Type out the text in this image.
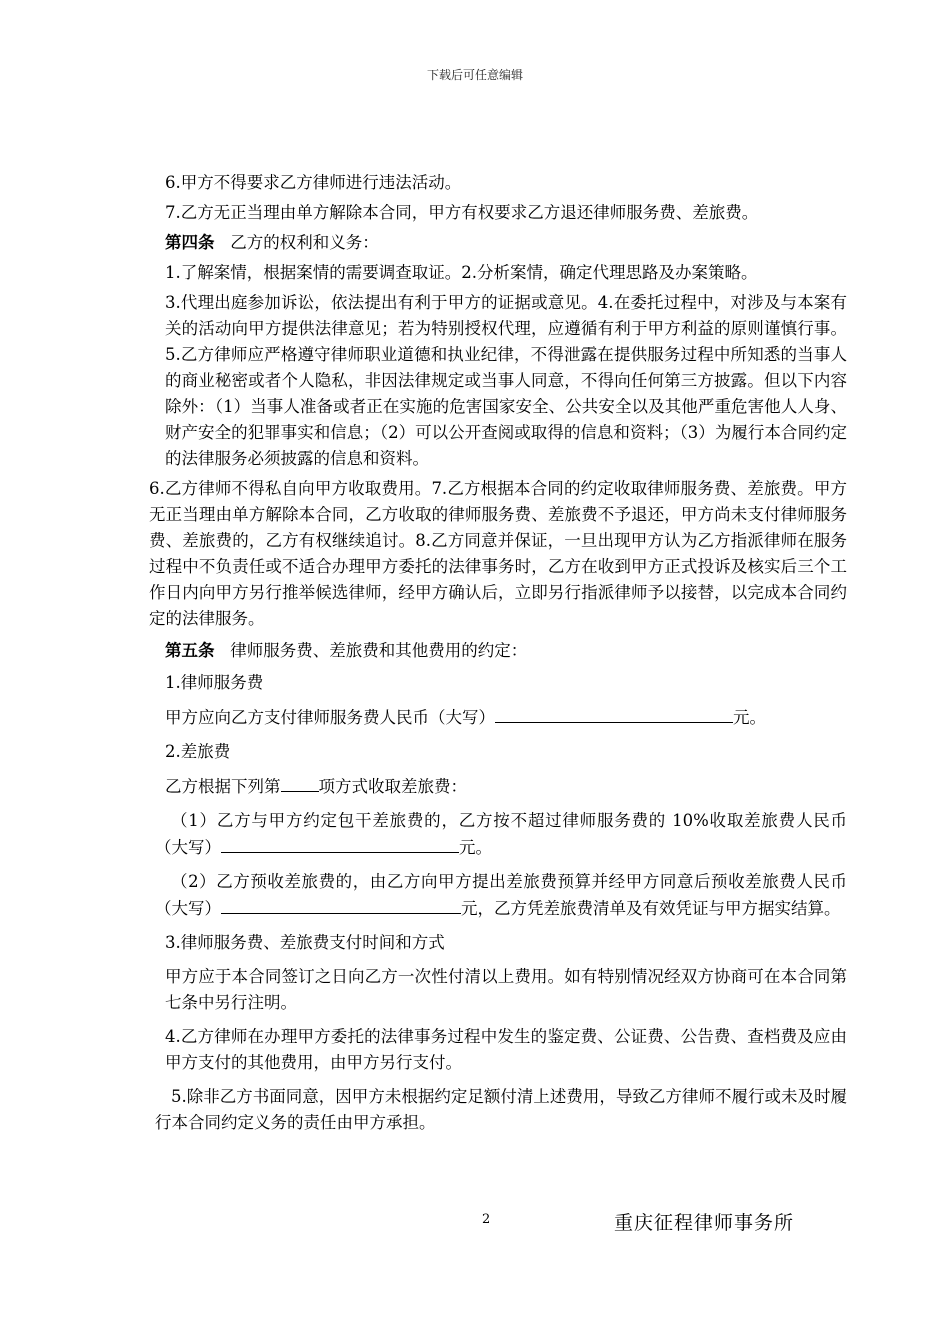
下载后可任意编辑

6.甲方不得要求乙方律师进行违法活动。

7.乙方无正当理由单方解除本合同，甲方有权要求乙方退还律师服务费、差旅费。

第四条 乙方的权利和义务：

1.了解案情，根据案情的需要调查取证。2.分析案情，确定代理思路及办案策略。

3.代理出庭参加诉讼，依法提出有利于甲方的证据或意见。4.在委托过程中，对涉及与本案有关的活动向甲方提供法律意见；若为特别授权代理，应遵循有利于甲方利益的原则谨慎行事。5.乙方律师应严格遵守律师职业道德和执业纪律，不得泄露在提供服务过程中所知悉的当事人的商业秘密或者个人隐私，非因法律规定或当事人同意，不得向任何第三方披露。但以下内容除外：（1）当事人准备或者正在实施的危害国家安全、公共安全以及其他严重危害他人人身、财产安全的犯罪事实和信息；（2）可以公开查阅或取得的信息和资料；（3）为履行本合同约定的法律服务必须披露的信息和资料。

6.乙方律师不得私自向甲方收取费用。7.乙方根据本合同的约定收取律师服务费、差旅费。甲方无正当理由单方解除本合同，乙方收取的律师服务费、差旅费不予退还，甲方尚未支付律师服务费、差旅费的，乙方有权继续追讨。8.乙方同意并保证，一旦出现甲方认为乙方指派律师在服务过程中不负责任或不适合办理甲方委托的法律事务时，乙方在收到甲方正式投诉及核实后三个工作日内向甲方另行推举候选律师，经甲方确认后，立即另行指派律师予以接替，以完成本合同约定的法律服务。

第五条 律师服务费、差旅费和其他费用的约定：

1.律师服务费

甲方应向乙方支付律师服务费人民币（大写）	元。

2.差旅费

乙方根据下列第 项方式收取差旅费：

（1）乙方与甲方约定包干差旅费的，乙方按不超过律师服务费的 10%收取差旅费人民币（大写）	元。

（2）乙方预收差旅费的，由乙方向甲方提出差旅费预算并经甲方同意后预收差旅费人民币（大写）	元，乙方凭差旅费清单及有效凭证与甲方据实结算。

3.律师服务费、差旅费支付时间和方式

甲方应于本合同签订之日向乙方一次性付清以上费用。如有特别情况经双方协商可在本合同第七条中另行注明。

4.乙方律师在办理甲方委托的法律事务过程中发生的鉴定费、公证费、公告费、查档费及应由甲方支付的其他费用，由甲方另行支付。

5.除非乙方书面同意，因甲方未根据约定足额付清上述费用，导致乙方律师不履行或未及时履行本合同约定义务的责任由甲方承担。

2	重庆征程律师事务所
